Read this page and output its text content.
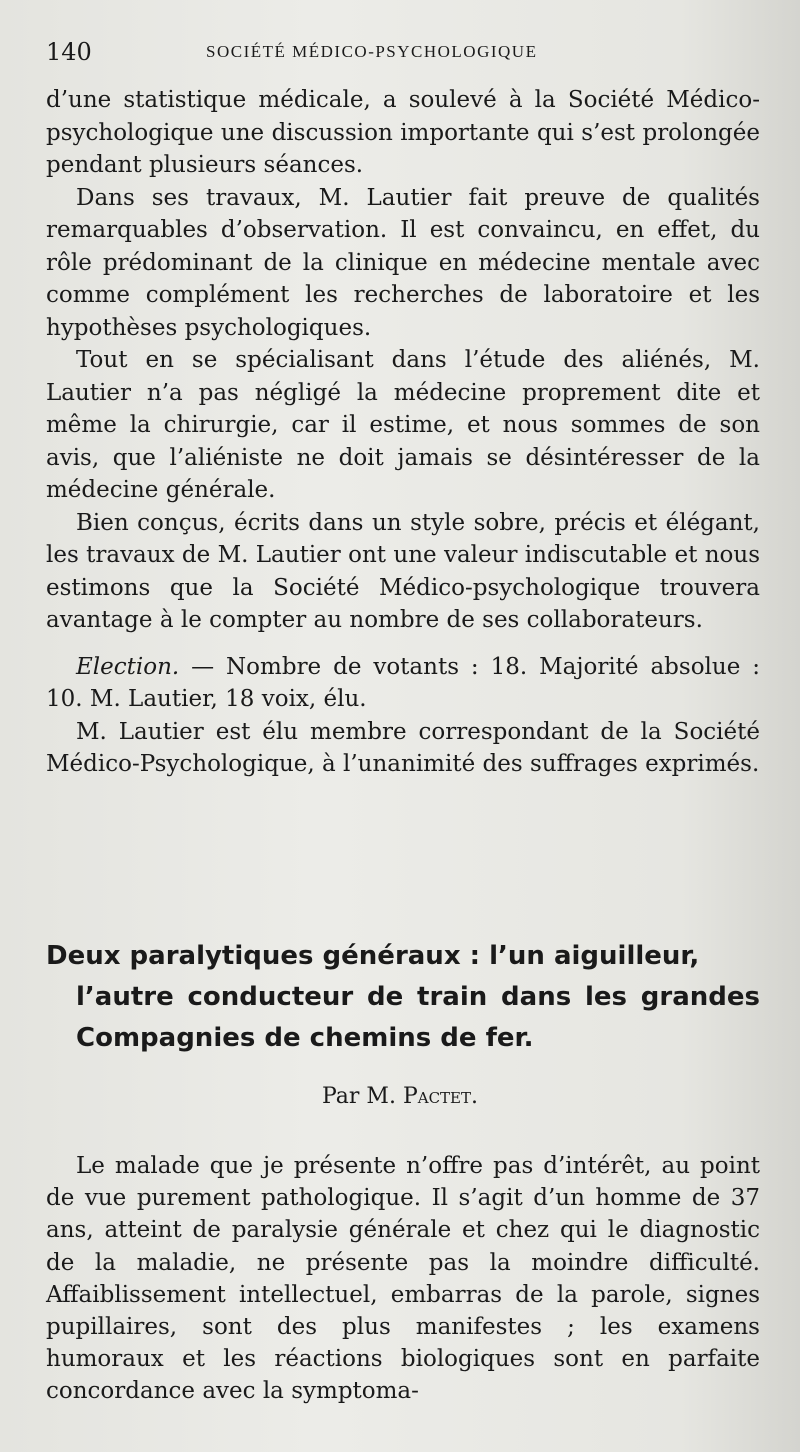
140	SOCIÉTÉ MÉDICO-PSYCHOLOGIQUE

d’une statistique médicale, a soulevé à la Société Médico-psychologique une discussion importante qui s’est prolongée pendant plusieurs séances.

Dans ses travaux, M. Lautier fait preuve de qualités remarquables d’observation. Il est convaincu, en effet, du rôle prédominant de la clinique en médecine mentale avec comme complément les recherches de laboratoire et les hypothèses psychologiques.

Tout en se spécialisant dans l’étude des aliénés, M. Lautier n’a pas négligé la médecine proprement dite et même la chirurgie, car il estime, et nous sommes de son avis, que l’aliéniste ne doit jamais se désintéresser de la médecine générale.

Bien conçus, écrits dans un style sobre, précis et élégant, les travaux de M. Lautier ont une valeur indiscutable et nous estimons que la Société Médico-psychologique trouvera avantage à le compter au nombre de ses collaborateurs.

Election. — Nombre de votants : 18. Majorité absolue : 10. M. Lautier, 18 voix, élu.

M. Lautier est élu membre correspondant de la Société Médico-Psychologique, à l’unanimité des suffrages exprimés.

Deux paralytiques généraux : l’un aiguilleur,
l’autre conducteur de train dans les grandes Compagnies de chemins de fer.
Par M. Pactet.

Le malade que je présente n’offre pas d’intérêt, au point de vue purement pathologique. Il s’agit d’un homme de 37 ans, atteint de paralysie générale et chez qui le diagnostic de la maladie, ne présente pas la moindre difficulté. Affaiblissement intellectuel, embarras de la parole, signes pupillaires, sont des plus manifestes ; les examens humoraux et les réactions biologiques sont en parfaite concordance avec la symptoma-
